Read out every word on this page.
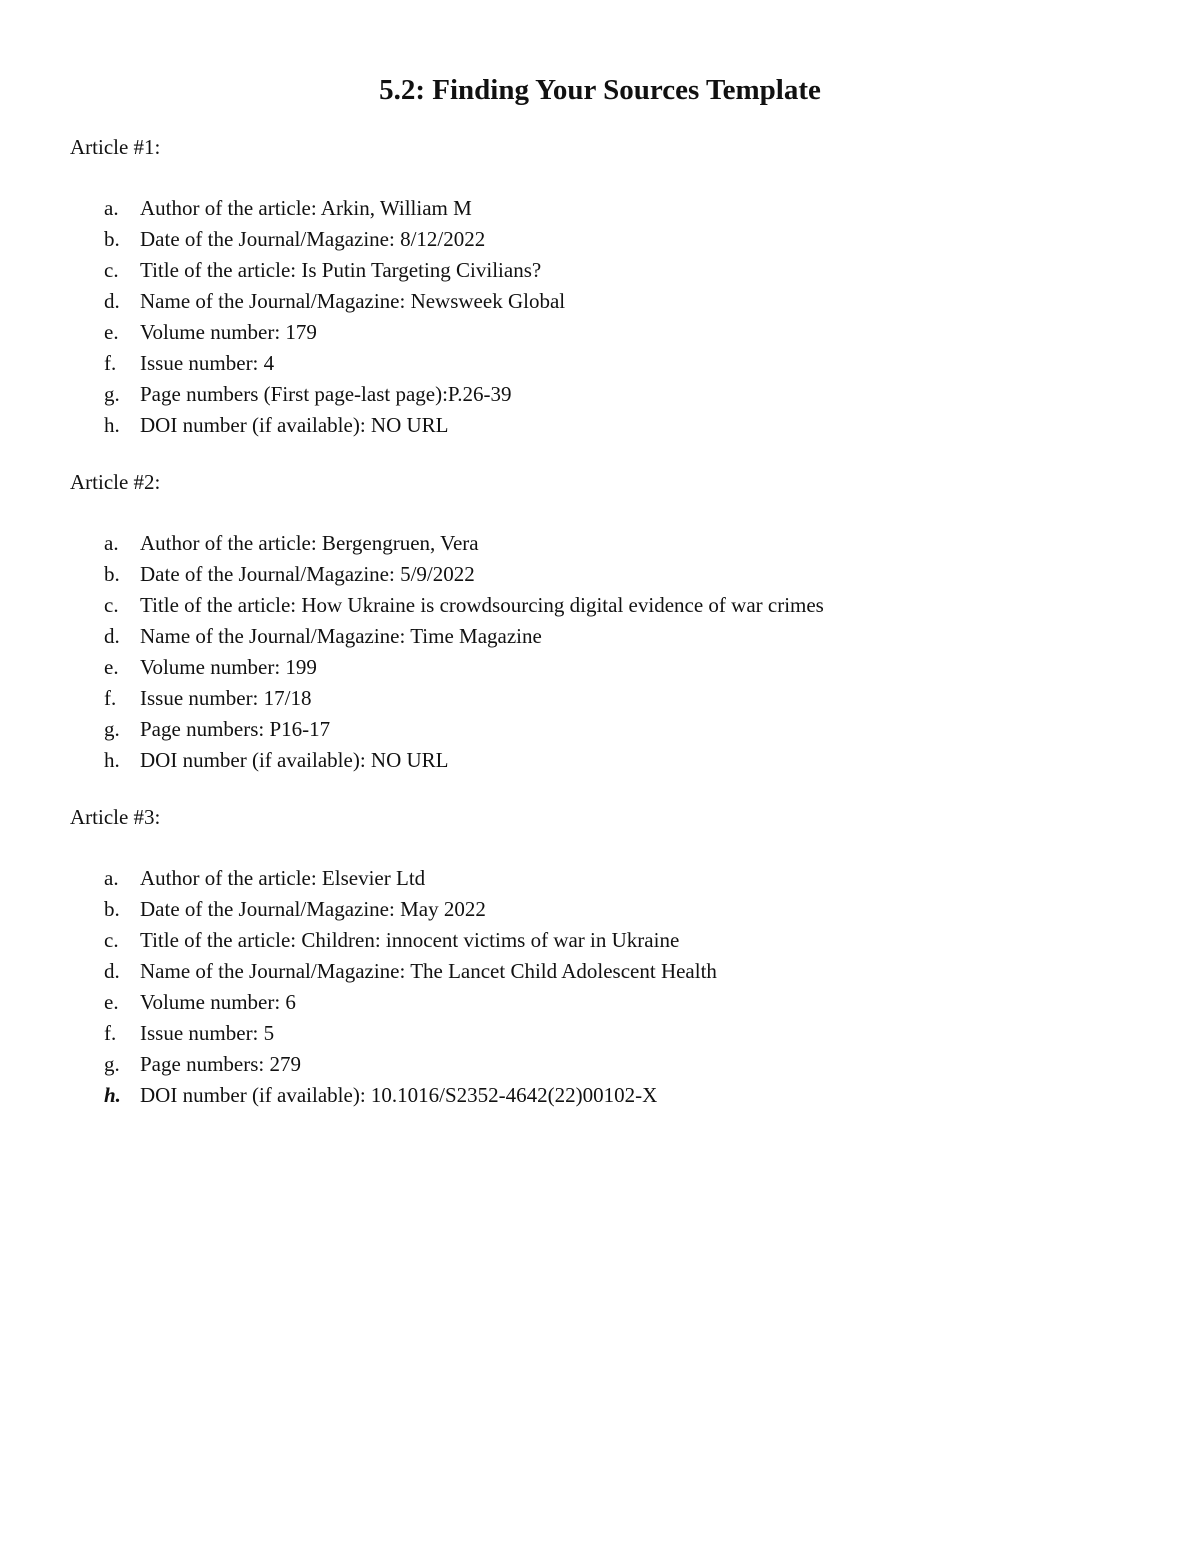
5.2: Finding Your Sources Template

Article #1:

a. Author of the article: Arkin, William M
b. Date of the Journal/Magazine: 8/12/2022
c. Title of the article: Is Putin Targeting Civilians?
d. Name of the Journal/Magazine: Newsweek Global
e. Volume number: 179
f. Issue number: 4
g. Page numbers (First page-last page):P.26-39
h. DOI number (if available): NO URL

Article #2:

a. Author of the article: Bergengruen, Vera
b. Date of the Journal/Magazine: 5/9/2022
c. Title of the article: How Ukraine is crowdsourcing digital evidence of war crimes
d. Name of the Journal/Magazine: Time Magazine
e. Volume number: 199
f. Issue number: 17/18
g. Page numbers: P16-17
h. DOI number (if available): NO URL

Article #3:

a. Author of the article: Elsevier Ltd
b. Date of the Journal/Magazine: May 2022
c. Title of the article: Children: innocent victims of war in Ukraine
d. Name of the Journal/Magazine: The Lancet Child Adolescent Health
e. Volume number: 6
f. Issue number: 5
g. Page numbers: 279
h. DOI number (if available): 10.1016/S2352-4642(22)00102-X
